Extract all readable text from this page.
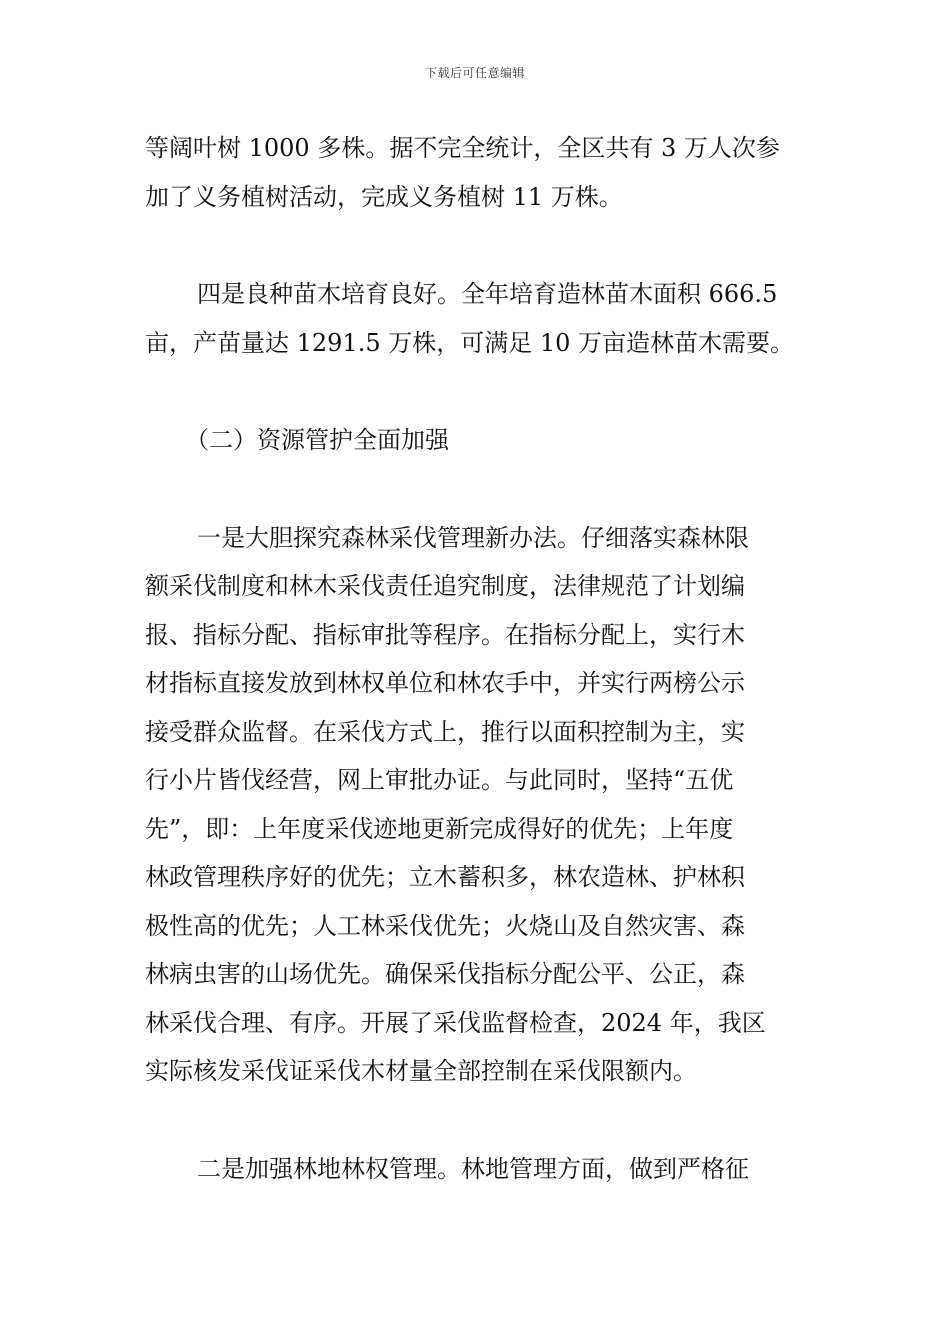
下载后可任意编辑
等阔叶树 1000 多株。据不完全统计，全区共有 3 万人次参
加了义务植树活动，完成义务植树 11 万株。
四是良种苗木培育良好。全年培育造林苗木面积 666.5
亩，产苗量达 1291.5 万株，可满足 10 万亩造林苗木需要。
（二）资源管护全面加强
一是大胆探究森林采伐管理新办法。仔细落实森林限
额采伐制度和林木采伐责任追究制度，法律规范了计划编
报、指标分配、指标审批等程序。在指标分配上，实行木
材指标直接发放到林权单位和林农手中，并实行两榜公示
接受群众监督。在采伐方式上，推行以面积控制为主，实
行小片皆伐经营，网上审批办证。与此同时，坚持“五优
先”，即：上年度采伐迹地更新完成得好的优先；上年度
林政管理秩序好的优先；立木蓄积多，林农造林、护林积
极性高的优先；人工林采伐优先；火烧山及自然灾害、森
林病虫害的山场优先。确保采伐指标分配公平、公正，森
林采伐合理、有序。开展了采伐监督检查，2024 年，我区
实际核发采伐证采伐木材量全部控制在采伐限额内。
二是加强林地林权管理。林地管理方面，做到严格征
